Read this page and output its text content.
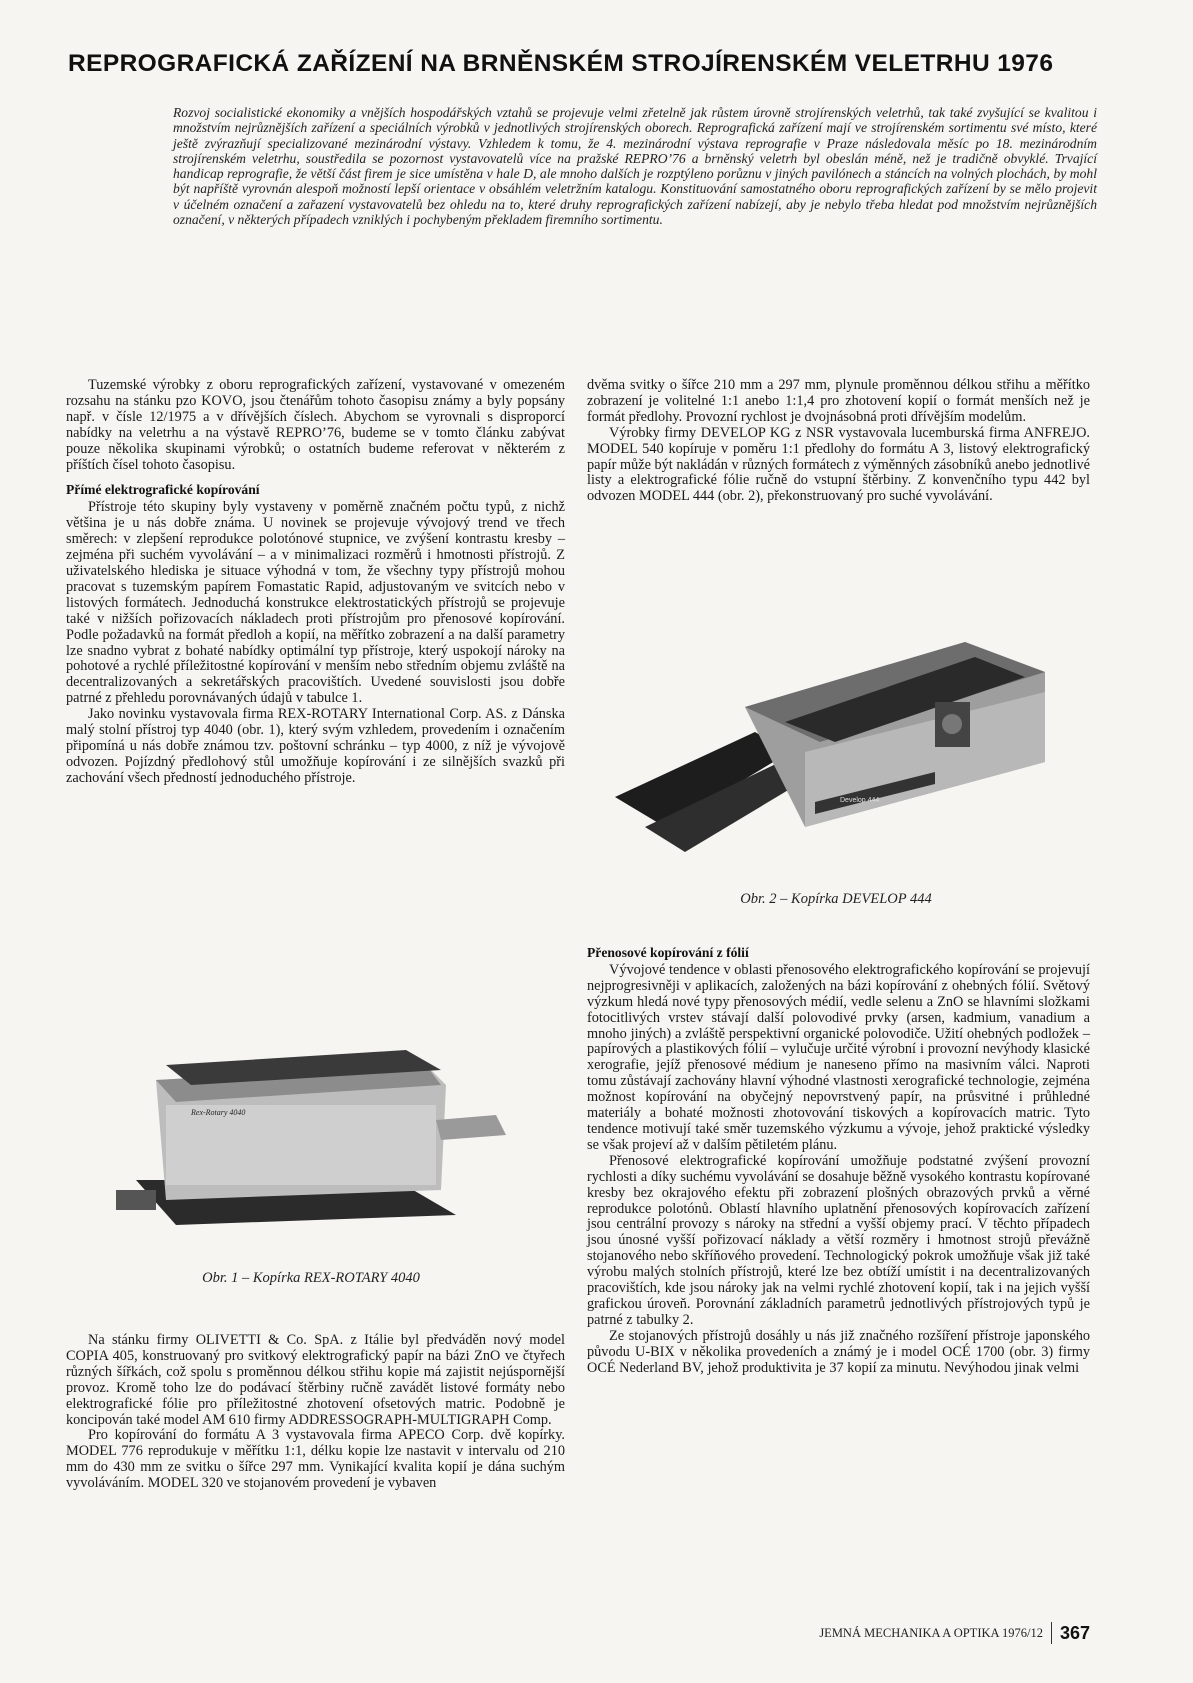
REPROGRAFICKÁ ZAŘÍZENÍ NA BRNĚNSKÉM STROJÍRENSKÉM VELETRHU 1976
Rozvoj socialistické ekonomiky a vnějších hospodářských vztahů se projevuje velmi zřetelně jak růstem úrovně strojírenských veletrhů, tak také zvyšující se kvalitou i množstvím nejrůznějších zařízení a speciálních výrobků v jednotlivých strojírenských oborech. Reprografická zařízení mají ve strojírenském sortimentu své místo, které ještě zvýrazňují specializované mezinárodní výstavy. Vzhledem k tomu, že 4. mezinárodní výstava reprografie v Praze následovala měsíc po 18. mezinárodním strojírenském veletrhu, soustředila se pozornost vystavovatelů více na pražské REPRO’76 a brněnský veletrh byl obeslán méně, než je tradičně obvyklé. Trvající handicap reprografie, že větší část firem je sice umístěna v hale D, ale mnoho dalších je rozptýleno porůznu v jiných pavilónech a stáncích na volných plochách, by mohl být napříště vyrovnán alespoň možností lepší orientace v obsáhlém veletržním katalogu. Konstituování samostatného oboru reprografických zařízení by se mělo projevit v účelném označení a zařazení vystavovatelů bez ohledu na to, které druhy reprografických zařízení nabízejí, aby je nebylo třeba hledat pod množstvím nejrůznějších označení, v některých případech vzniklých i pochybeným překladem firemního sortimentu.

Tuzemské výrobky z oboru reprografických zařízení, vystavované v omezeném rozsahu na stánku pzo KOVO, jsou čtenářům tohoto časopisu známy a byly popsány např. v čísle 12/1975 a v dřívějších číslech. Abychom se vyrovnali s disproporcí nabídky na veletrhu a na výstavě REPRO’76, budeme se v tomto článku zabývat pouze několika skupinami výrobků; o ostatních budeme referovat v některém z příštích čísel tohoto časopisu.

Přímé elektrografické kopírování

Přístroje této skupiny byly vystaveny v poměrně značném počtu typů, z nichž většina je u nás dobře známa. U novinek se projevuje vývojový trend ve třech směrech: v zlepšení reprodukce polotónové stupnice, ve zvýšení kontrastu kresby – zejména při suchém vyvolávání – a v minimalizaci rozměrů i hmotnosti přístrojů. Z uživatelského hlediska je situace výhodná v tom, že všechny typy přístrojů mohou pracovat s tuzemským papírem Fomastatic Rapid, adjustovaným ve svitcích nebo v listových formátech. Jednoduchá konstrukce elektrostatických přístrojů se projevuje také v nižších pořizovacích nákladech proti přístrojům pro přenosové kopírování. Podle požadavků na formát předloh a kopií, na měřítko zobrazení a na další parametry lze snadno vybrat z bohaté nabídky optimální typ přístroje, který uspokojí nároky na pohotové a rychlé příležitostné kopírování v menším nebo středním objemu zvláště na decentralizovaných a sekretářských pracovištích. Uvedené souvislosti jsou dobře patrné z přehledu porovnávaných údajů v tabulce 1.

Jako novinku vystavovala firma REX-ROTARY International Corp. AS. z Dánska malý stolní přístroj typ 4040 (obr. 1), který svým vzhledem, provedením i označením připomíná u nás dobře známou tzv. poštovní schránku – typ 4000, z níž je vývojově odvozen. Pojízdný předlohový stůl umožňuje kopírování i ze silnějších svazků při zachování všech předností jednoduchého přístroje.

Rex-Rotary 4040
Obr. 1 – Kopírka REX-ROTARY 4040

Na stánku firmy OLIVETTI & Co. SpA. z Itálie byl předváděn nový model COPIA 405, konstruovaný pro svitkový elektrografický papír na bázi ZnO ve čtyřech různých šířkách, což spolu s proměnnou délkou střihu kopie má zajistit nejúspornější provoz. Kromě toho lze do podávací štěrbiny ručně zavádět listové formáty nebo elektrografické fólie pro příležitostné zhotovení ofsetových matric. Podobně je koncipován také model AM 610 firmy ADDRESSOGRAPH-MULTIGRAPH Comp.

Pro kopírování do formátu A 3 vystavovala firma APECO Corp. dvě kopírky. MODEL 776 reprodukuje v měřítku 1:1, délku kopie lze nastavit v intervalu od 210 mm do 430 mm ze svitku o šířce 297 mm. Vynikající kvalita kopií je dána suchým vyvoláváním. MODEL 320 ve stojanovém provedení je vybaven

dvěma svitky o šířce 210 mm a 297 mm, plynule proměnnou délkou střihu a měřítko zobrazení je volitelné 1:1 anebo 1:1,4 pro zhotovení kopií o formát menších než je formát předlohy. Provozní rychlost je dvojnásobná proti dřívějším modelům.

Výrobky firmy DEVELOP KG z NSR vystavovala lucemburská firma ANFREJO. MODEL 540 kopíruje v poměru 1:1 předlohy do formátu A 3, listový elektrografický papír může být nakládán v různých formátech z výměnných zásobníků anebo jednotlivé listy a elektrografické fólie ručně do vstupní štěrbiny. Z konvenčního typu 442 byl odvozen MODEL 444 (obr. 2), překonstruovaný pro suché vyvolávání.

Develop 444
Obr. 2 – Kopírka DEVELOP 444
Přenosové kopírování z fólií

Vývojové tendence v oblasti přenosového elektrografického kopírování se projevují nejprogresivněji v aplikacích, založených na bázi kopírování z ohebných fólií. Světový výzkum hledá nové typy přenosových médií, vedle selenu a ZnO se hlavními složkami fotocitlivých vrstev stávají další polovodivé prvky (arsen, kadmium, vanadium a mnoho jiných) a zvláště perspektivní organické polovodiče. Užití ohebných podložek – papírových a plastikových fólií – vylučuje určité výrobní i provozní nevýhody klasické xerografie, jejíž přenosové médium je naneseno přímo na masivním válci. Naproti tomu zůstávají zachovány hlavní výhodné vlastnosti xerografické technologie, zejména možnost kopírování na obyčejný nepovrstvený papír, na průsvitné i průhledné materiály a bohaté možnosti zhotovování tiskových a kopírovacích matric. Tyto tendence motivují také směr tuzemského výzkumu a vývoje, jehož praktické výsledky se však projeví až v dalším pětiletém plánu.

Přenosové elektrografické kopírování umožňuje podstatné zvýšení provozní rychlosti a díky suchému vyvolávání se dosahuje běžně vysokého kontrastu kopírované kresby bez okrajového efektu při zobrazení plošných obrazových prvků a věrné reprodukce polotónů. Oblastí hlavního uplatnění přenosových kopírovacích zařízení jsou centrální provozy s nároky na střední a vyšší objemy prací. V těchto případech jsou únosné vyšší pořizovací náklady a větší rozměry i hmotnost strojů převážně stojanového nebo skříňového provedení. Technologický pokrok umožňuje však již také výrobu malých stolních přístrojů, které lze bez obtíží umístit i na decentralizovaných pracovištích, kde jsou nároky jak na velmi rychlé zhotovení kopií, tak i na jejich vyšší grafickou úroveň. Porovnání základních parametrů jednotlivých přístrojových typů je patrné z tabulky 2.

Ze stojanových přístrojů dosáhly u nás již značného rozšíření přístroje japonského původu U-BIX v několika provedeních a známý je i model OCÉ 1700 (obr. 3) firmy OCÉ Nederland BV, jehož produktivita je 37 kopií za minutu. Nevýhodou jinak velmi

JEMNÁ MECHANIKA A OPTIKA 1976/12 367
